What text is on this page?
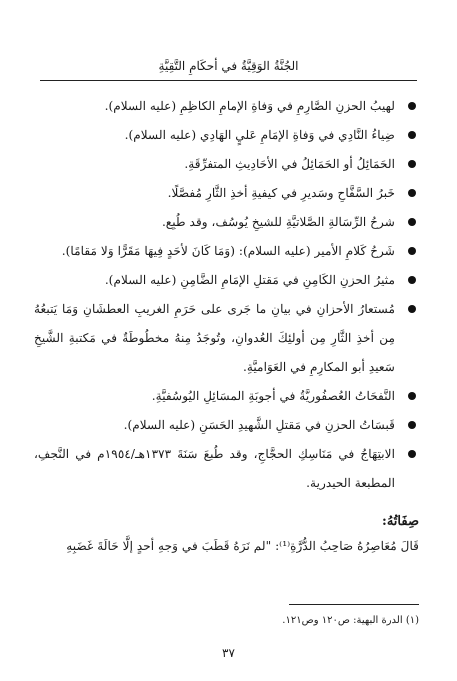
الجُنَّةُ الوَقِيَّةُ في أحكَامِ التَّقِيَّةِ
لهيبُ الحزنِ الصَّارِمِ في وَفاةِ الإمامِ الكاظِمِ (عليه السلام).
ضِياءُ النَّادِي في وَفاةِ الإمَامِ عَليٍ الهَادِي (عليه السلام).
الحَمَائِلُ أو الحَمَائِلُ في الأحَادِيثِ المتفرِّقَةِ.
خَبرُ السَّفَّاحِ وسَديرِ في كيفيةِ أخذِ الثَّارِ مُفصَّلًا.
شرحُ الرِّسَالةِ الصَّلاتيَّةِ للشيخِ يُوسُف، وقد طُبِع.
شَرحُ كَلامِ الأمير (عليه السلام): (وَمَا كَانَ لأحَدٍ فِيهَا مَقَرًّا وَلا مَقامًا).
مثيرُ الحزنِ الكَامِنِ في مَقتلِ الإمَامِ الضَّامِنِ (عليه السلام).
مُستعارُ الأحزانِ في بيانِ ما جَرى على حَرَمِ الغريبِ العطشَانِ وَمَا يَتبعُهُ مِن أخذِ الثَّارِ مِن أولئِكَ العُدوانِ، وتُوجَدُ مِنهُ مخطُوطَةٌ في مَكتبةِ الشَّيخِ سَعيدِ أبو المكارِمِ في العَوَاميَّةِ.
النَّفحَاتُ العُصفُوريَّةُ في أجوبَةِ المسَائِلِ اليُوسُفيَّةِ.
قَبسَاتُ الحزنِ في مَقتلِ الشَّهيدِ الحَسَنِ (عليه السلام).
الابتِهَاجُ في مَنَاسِكِ الحجَّاجِ، وقد طُبعَ سَنَةَ ١٣٧٣هـ/١٩٥٤م في النَّجفِ، المطبعة الحيدرية.
صِفَاتُهُ:
قَالَ مُعَاصِرُهُ صَاحِبُ الدُّرَّةِ⁽¹⁾: "لم نَرَهُ قَطَبَ في وَجهِ أحدٍ إلَّا حَالَةَ غَضَبِهِ
(١) الدرة البهية: ص١٢٠ وص١٢١.
٣٧
